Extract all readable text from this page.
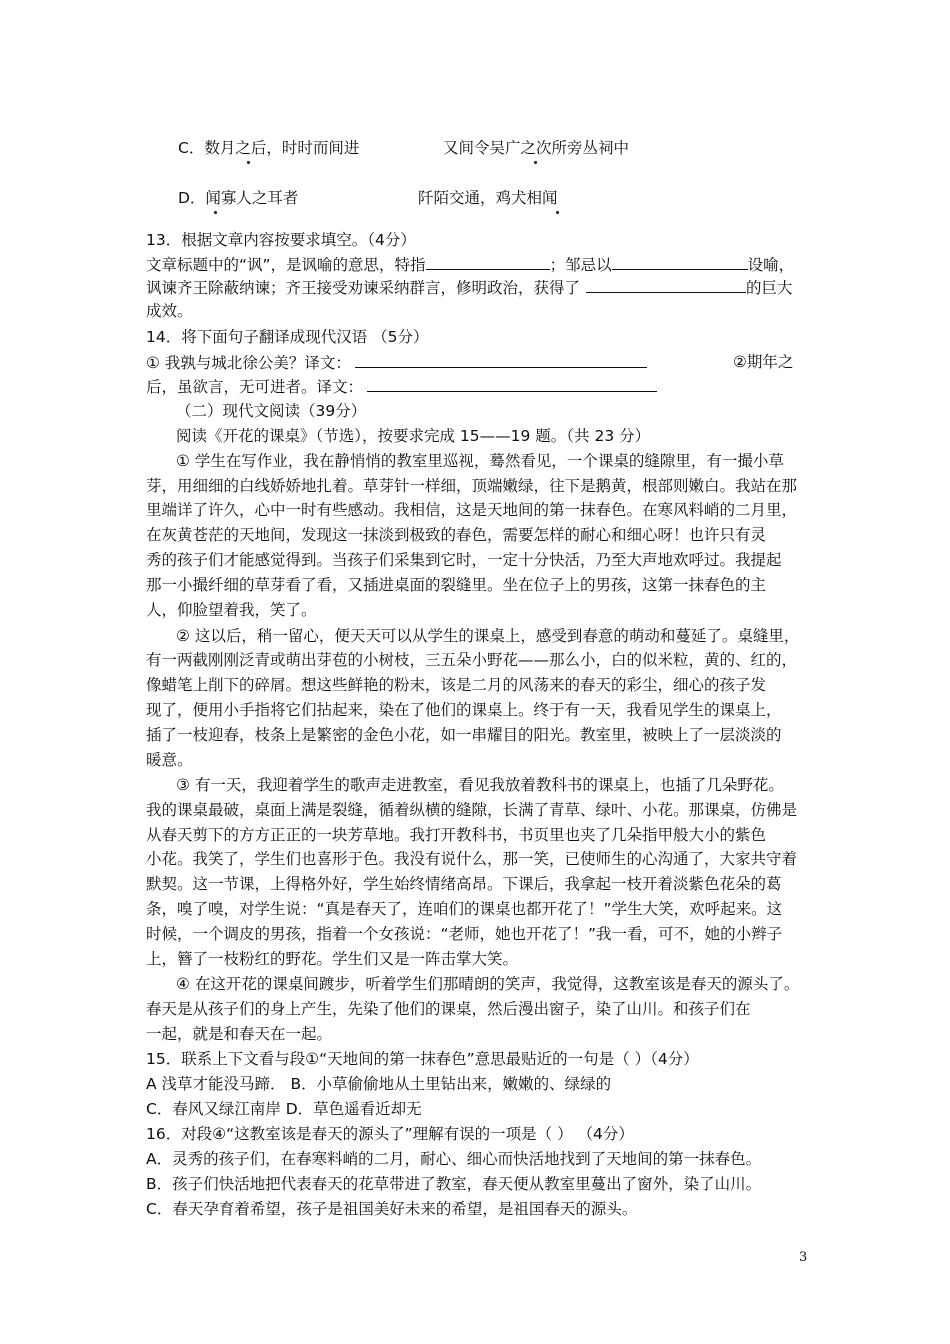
C．数月之后，时时而间进	又间令吴广之次所旁丛祠中
D．闻寡人之耳者	阡陌交通，鸡犬相闻
13．根据文章内容按要求填空。（4分）
文章标题中的“讽”，是讽喻的意思，特指	；邹忌以	设喻，
讽谏齐王除蔽纳谏；齐王接受劝谏采纳群言，修明政治，获得了	的巨大
成效。
14．将下面句子翻译成现代汉语 （5分）
① 我孰与城北徐公美？译文：	②期年之
后，虽欲言，无可进者。译文：
（二）现代文阅读（39分）
阅读《开花的课桌》（节选），按要求完成 15——19 题。（共 23 分）
① 学生在写作业，我在静悄悄的教室里巡视，蓦然看见，一个课桌的缝隙里，有一撮小草
芽，用细细的白线娇娇地扎着。草芽针一样细，顶端嫩绿，往下是鹅黄，根部则嫩白。我站在那
里端详了许久，心中一时有些感动。我相信，这是天地间的第一抹春色。在寒风料峭的二月里，
在灰黄苍茫的天地间，发现这一抹淡到极致的春色，需要怎样的耐心和细心呀！也许只有灵
秀的孩子们才能感觉得到。当孩子们采集到它时，一定十分快活，乃至大声地欢呼过。我提起
那一小撮纤细的草芽看了看，又插进桌面的裂缝里。坐在位子上的男孩，这第一抹春色的主
人，仰脸望着我，笑了。
② 这以后，稍一留心，便天天可以从学生的课桌上，感受到春意的萌动和蔓延了。桌缝里，
有一两截刚刚泛青或萌出芽苞的小树枝，三五朵小野花——那么小，白的似米粒，黄的、红的，
像蜡笔上削下的碎屑。想这些鲜艳的粉末，该是二月的风荡来的春天的彩尘，细心的孩子发
现了，便用小手指将它们拈起来，染在了他们的课桌上。终于有一天，我看见学生的课桌上，
插了一枝迎春，枝条上是繁密的金色小花，如一串耀目的阳光。教室里，被映上了一层淡淡的
暖意。
③ 有一天，我迎着学生的歌声走进教室，看见我放着教科书的课桌上，也插了几朵野花。
我的课桌最破，桌面上满是裂缝，循着纵横的缝隙，长满了青草、绿叶、小花。那课桌，仿佛是
从春天剪下的方方正正的一块芳草地。我打开教科书，书页里也夹了几朵指甲般大小的紫色
小花。我笑了，学生们也喜形于色。我没有说什么，那一笑，已使师生的心沟通了，大家共守着
默契。这一节课，上得格外好，学生始终情绪高昂。下课后，我拿起一枝开着淡紫色花朵的葛
条，嗅了嗅，对学生说：“真是春天了，连咱们的课桌也都开花了！”学生大笑，欢呼起来。这
时候，一个调皮的男孩，指着一个女孩说：“老师，她也开花了！”我一看，可不，她的小辫子
上，簪了一枝粉红的野花。学生们又是一阵击掌大笑。
④ 在这开花的课桌间踱步，听着学生们那晴朗的笑声，我觉得，这教室该是春天的源头了。
春天是从孩子们的身上产生，先染了他们的课桌，然后漫出窗子，染了山川。和孩子们在
一起，就是和春天在一起。
15．联系上下文看与段①“天地间的第一抹春色”意思最贴近的一句是（ ）（4分）
A 浅草才能没马蹄． B．小草偷偷地从土里钻出来，嫩嫩的、绿绿的
C．春风又绿江南岸 D．草色遥看近却无
16．对段④“这教室该是春天的源头了”理解有误的一项是（ ） （4分）
A．灵秀的孩子们，在春寒料峭的二月，耐心、细心而快活地找到了天地间的第一抹春色。
B．孩子们快活地把代表春天的花草带进了教室，春天便从教室里蔓出了窗外，染了山川。
C．春天孕育着希望，孩子是祖国美好未来的希望，是祖国春天的源头。
3
